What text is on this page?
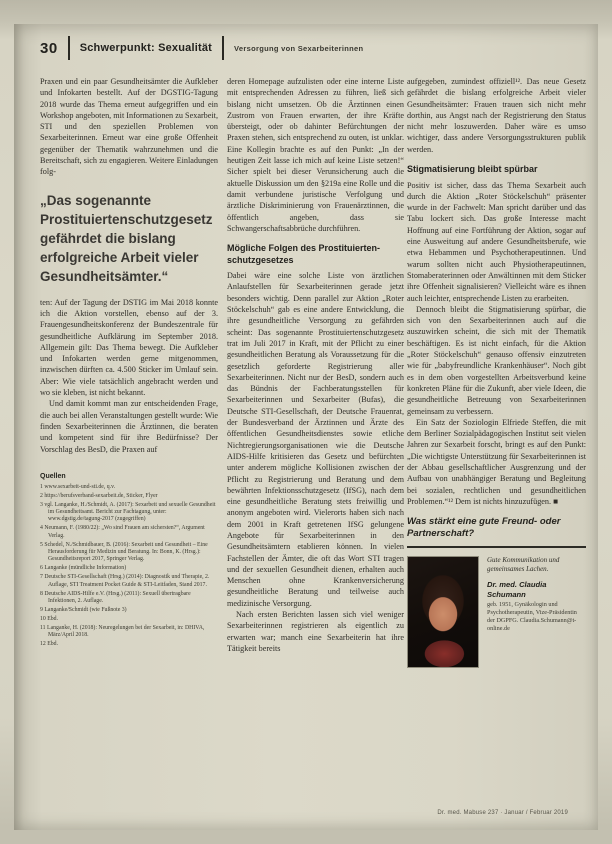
30 Schwerpunkt: Sexualität	Versorgung von Sexarbeiterinnen

Praxen und ein paar Gesundheitsämter die Aufkleber und Infokarten bestellt. Auf der DGSTIG-Tagung 2018 wurde das Thema erneut aufgegriffen und ein Workshop angeboten, mit Informationen zu Sexarbeit, STI und den speziellen Problemen von Sexarbeiterinnen. Erneut war eine große Offenheit gegenüber der Thematik wahrzunehmen und die Bereitschaft, sich zu engagieren. Weitere Einladungen folg-

„Das sogenannte Prostituiertenschutzgesetz gefährdet die bislang erfolgreiche Arbeit vieler Gesundheitsämter.“

ten: Auf der Tagung der DSTIG im Mai 2018 konnte ich die Aktion vorstellen, ebenso auf der 3. Frauengesundheitskonferenz der Bundeszentrale für gesundheitliche Aufklärung im September 2018. Allgemein gilt: Das Thema bewegt. Die Aufkleber und Infokarten werden gerne mitgenommen, inzwischen dürften ca. 4.500 Sticker im Umlauf sein. Aber: Wie viele tatsächlich angebracht werden und wo sie kleben, ist nicht bekannt.

Und damit kommt man zur entscheidenden Frage, die auch bei allen Veranstaltungen gestellt wurde: Wie finden Sexarbeiterinnen die Ärztinnen, die beraten und kompetent sind für ihre Bedürfnisse? Der Vorschlag des BesD, die Praxen auf

Quellen

1 www.sexarbeit-und-sti.de, q.v.

2 https://berufsverband-sexarbeit.de, Sticker, Flyer

3 vgl. Langanke, H./Schmidt, A. (2017): Sexarbeit und sexuelle Gesundheit im Gesundheitsamt. Bericht zur Fachtagung, unter: www.dgstig.de/tagung-2017 (zugegriffen)

4 Neumann, F. (1980/22): „Wo sind Frauen am sichersten?“, Argument Verlag.

5 Schedel, N./Schmidbauer, B. (2016): Sexarbeit und Gesundheit – Eine Herausforderung für Medizin und Beratung. In: Bonn, K. (Hrsg.): Gesundheitsreport 2017, Springer Verlag.

6 Langanke (mündliche Information)

7 Deutsche STI-Gesellschaft (Hrsg.) (2014): Diagnostik und Therapie, 2. Auflage, STI Treatment Pocket Guide & STI-Leitfaden, Stand 2017.

8 Deutsche AIDS-Hilfe e.V. (Hrsg.) (2011): Sexuell übertragbare Infektionen, 2. Auflage.

9 Langanke/Schmidt (wie Fußnote 3)

10 Ebd.

11 Langanke, H. (2018): Neuregelungen bei der Sexarbeit, in: DHIVA, März/April 2018.

12 Ebd.

deren Homepage aufzulisten oder eine interne Liste mit entsprechenden Adressen zu führen, ließ sich bislang nicht umsetzen. Ob die Ärztinnen einen Zustrom von Frauen erwarten, der ihre Kräfte übersteigt, oder ob dahinter Befürchtungen der Praxen stehen, sich entsprechend zu outen, ist unklar. Eine Kollegin brachte es auf den Punkt: „In der heutigen Zeit lasse ich mich auf keine Liste setzen!“ Sicher spielt bei dieser Verunsicherung auch die aktuelle Diskussion um den §219a eine Rolle und die damit verbundene juristische Verfolgung und ärztliche Diskriminierung von Frauenärztinnen, die öffentlich angeben, dass sie Schwangerschaftsabbrüche durchführen.

Mögliche Folgen des Prostituiertenschutzgesetzes

Dabei wäre eine solche Liste von ärztlichen Anlaufstellen für Sexarbeiterinnen gerade jetzt besonders wichtig. Denn parallel zur Aktion „Roter Stöckelschuh“ gab es eine andere Entwicklung, die ihre gesundheitliche Versorgung zu gefährden scheint: Das sogenannte Prostituiertenschutzgesetz trat im Juli 2017 in Kraft, mit der Pflicht zu einer gesundheitlichen Beratung als Voraussetzung für die gesetzlich geforderte Registrierung aller Sexarbeiterinnen. Nicht nur der BesD, sondern auch das Bündnis der Fachberatungsstellen für Sexarbeiterinnen und Sexarbeiter (Bufas), die Deutsche STI-Gesellschaft, der Deutsche Frauenrat, der Bundesverband der Ärztinnen und Ärzte des öffentlichen Gesundheitsdienstes sowie etliche Nichtregierungsorganisationen wie die Deutsche AIDS-Hilfe kritisieren das Gesetz und befürchten unter anderem mögliche Kollisionen zwischen der Pflicht zu Registrierung und Beratung und dem bewährten Infektionsschutzgesetz (IfSG), nach dem eine gesundheitliche Beratung stets freiwillig und anonym angeboten wird. Vielerorts haben sich nach dem 2001 in Kraft getretenen IfSG gelungene Angebote für Sexarbeiterinnen in den Gesundheitsämtern etablieren können. In vielen Fachstellen der Ämter, die oft das Wort STI tragen und der sexuellen Gesundheit dienen, erhalten auch Menschen ohne Krankenversicherung gesundheitliche Beratung und teilweise auch medizinische Versorgung.

Nach ersten Berichten lassen sich viel weniger Sexarbeiterinnen registrieren als eigentlich zu erwarten war; manch eine Sexarbeiterin hat ihre Tätigkeit bereits

aufgegeben, zumindest offiziell¹². Das neue Gesetz gefährdet die bislang erfolgreiche Arbeit vieler Gesundheitsämter: Frauen trauen sich nicht mehr dorthin, aus Angst nach der Registrierung den Status nicht mehr loszuwerden. Daher wäre es umso wichtiger, dass andere Versorgungsstrukturen publik werden.

Stigmatisierung bleibt spürbar

Positiv ist sicher, dass das Thema Sexarbeit auch durch die Aktion „Roter Stöckelschuh“ präsenter wurde in der Fachwelt: Man spricht darüber und das Tabu lockert sich. Das große Interesse macht Hoffnung auf eine Fortführung der Aktion, sogar auf eine Ausweitung auf andere Gesundheitsberufe, wie etwa Hebammen und Psychotherapeutinnen. Und warum sollten nicht auch Physiotherapeutinnen, Stomaberaterinnen oder Anwältinnen mit dem Sticker ihre Offenheit signalisieren? Vielleicht wäre es ihnen auch leichter, entsprechende Listen zu erarbeiten.

Dennoch bleibt die Stigmatisierung spürbar, die sich von den Sexarbeiterinnen auch auf die auszuwirken scheint, die sich mit der Thematik beschäftigen. Es ist nicht einfach, für die Aktion „Roter Stöckelschuh“ genauso offensiv einzutreten wie für „babyfreundliche Krankenhäuser“. Noch gibt es in dem oben vorgestellten Arbeitsverbund keine konkreten Pläne für die Zukunft, aber viele Ideen, die gesundheitliche Betreuung von Sexarbeiterinnen gemeinsam zu verbessern.

Ein Satz der Soziologin Elfriede Steffen, die mit dem Berliner Sozialpädagogischen Institut seit vielen Jahren zur Sexarbeit forscht, bringt es auf den Punkt: „Die wichtigste Unterstützung für Sexarbeiterinnen ist der Abbau gesellschaftlicher Ausgrenzung und der Aufbau von unabhängiger Beratung und Begleitung bei sozialen, rechtlichen und gesundheitlichen Problemen.“¹² Dem ist nichts hinzuzufügen. ■

Was stärkt eine gute Freund- oder Partnerschaft?

Gute Kommunikation und gemeinsames Lachen.

Dr. med. Claudia Schumann

geb. 1951, Gynäkologin und Psychotherapeutin, Vize-Präsidentin der DGPFG. Claudia.Schumann@t-online.de

Dr. med. Mabuse 237 · Januar / Februar 2019
